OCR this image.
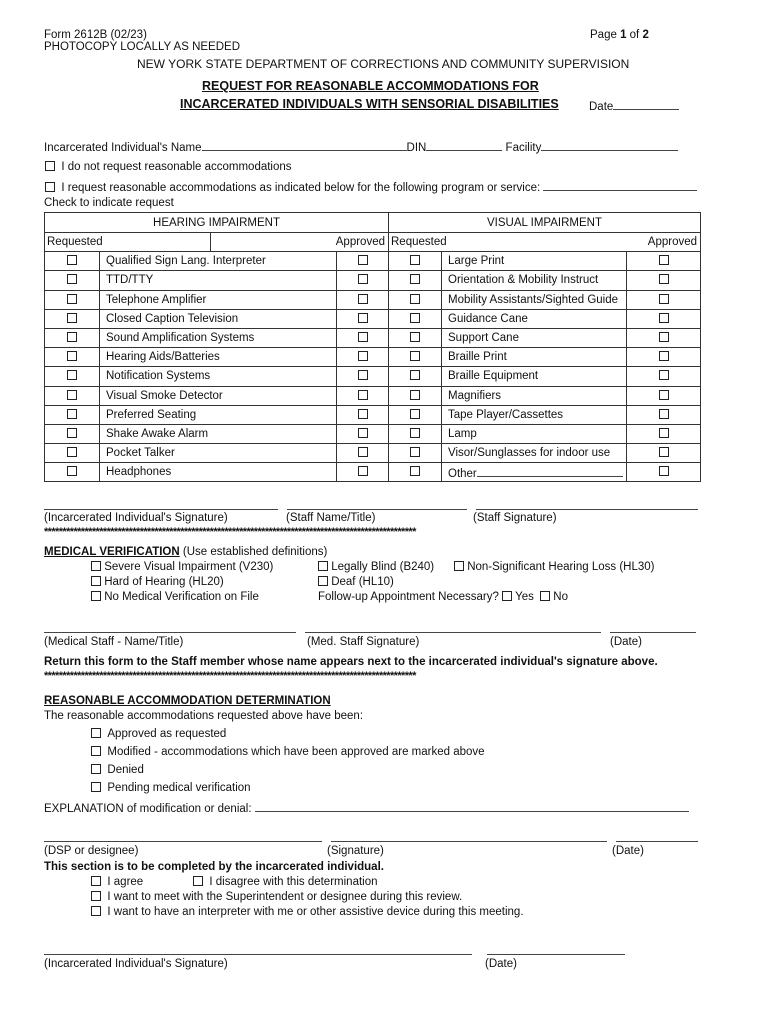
Form 2612B (02/23)
PHOTOCOPY LOCALLY AS NEEDED
Page 1 of 2
NEW YORK STATE DEPARTMENT OF CORRECTIONS AND COMMUNITY SUPERVISION
REQUEST FOR REASONABLE ACCOMMODATIONS FOR
INCARCERATED INDIVIDUALS WITH SENSORIAL DISABILITIES	Date
Incarcerated Individual's Name	DIN	Facility
I do not request reasonable accommodations
I request reasonable accommodations as indicated below for the following program or service:
Check to indicate request
HEARING IMPAIRMENT				VISUAL IMPAIRMENT		
Requested		Approved		Requested		Approved
	Qualified Sign Lang. Interpreter				Large Print	
	TTD/TTY				Orientation & Mobility Instruct	
	Telephone Amplifier				Mobility Assistants/Sighted Guide	
	Closed Caption Television				Guidance Cane	
	Sound Amplification Systems				Support Cane	
	Hearing Aids/Batteries				Braille Print	
	Notification Systems				Braille Equipment	
	Visual Smoke Detector				Magnifiers	
	Preferred Seating				Tape Player/Cassettes	
	Shake Awake Alarm				Lamp	
	Pocket Talker				Visor/Sunglasses for indoor use	
	Headphones				Other	

(Incarcerated Individual's Signature)	(Staff Name/Title)	(Staff Signature)
*****************************************************************************************************
MEDICAL VERIFICATION (Use established definitions)
Severe Visual Impairment (V230)	Legally Blind (B240)	Non-Significant Hearing Loss (HL30)
Hard of Hearing (HL20)	Deaf (HL10)
No Medical Verification on File	Follow-up Appointment Necessary? Yes No

(Medical Staff - Name/Title)	(Med. Staff Signature)	(Date)
Return this form to the Staff member whose name appears next to the incarcerated individual's signature above.
*****************************************************************************************************
REASONABLE ACCOMMODATION DETERMINATION
The reasonable accommodations requested above have been:
Approved as requested
Modified - accommodations which have been approved are marked above
Denied
Pending medical verification
EXPLANATION of modification or denial:

(DSP or designee)	(Signature)	(Date)
This section is to be completed by the incarcerated individual.
I agree	I disagree with this determination
I want to meet with the Superintendent or designee during this review.
I want to have an interpreter with me or other assistive device during this meeting.

(Incarcerated Individual's Signature)	(Date)
